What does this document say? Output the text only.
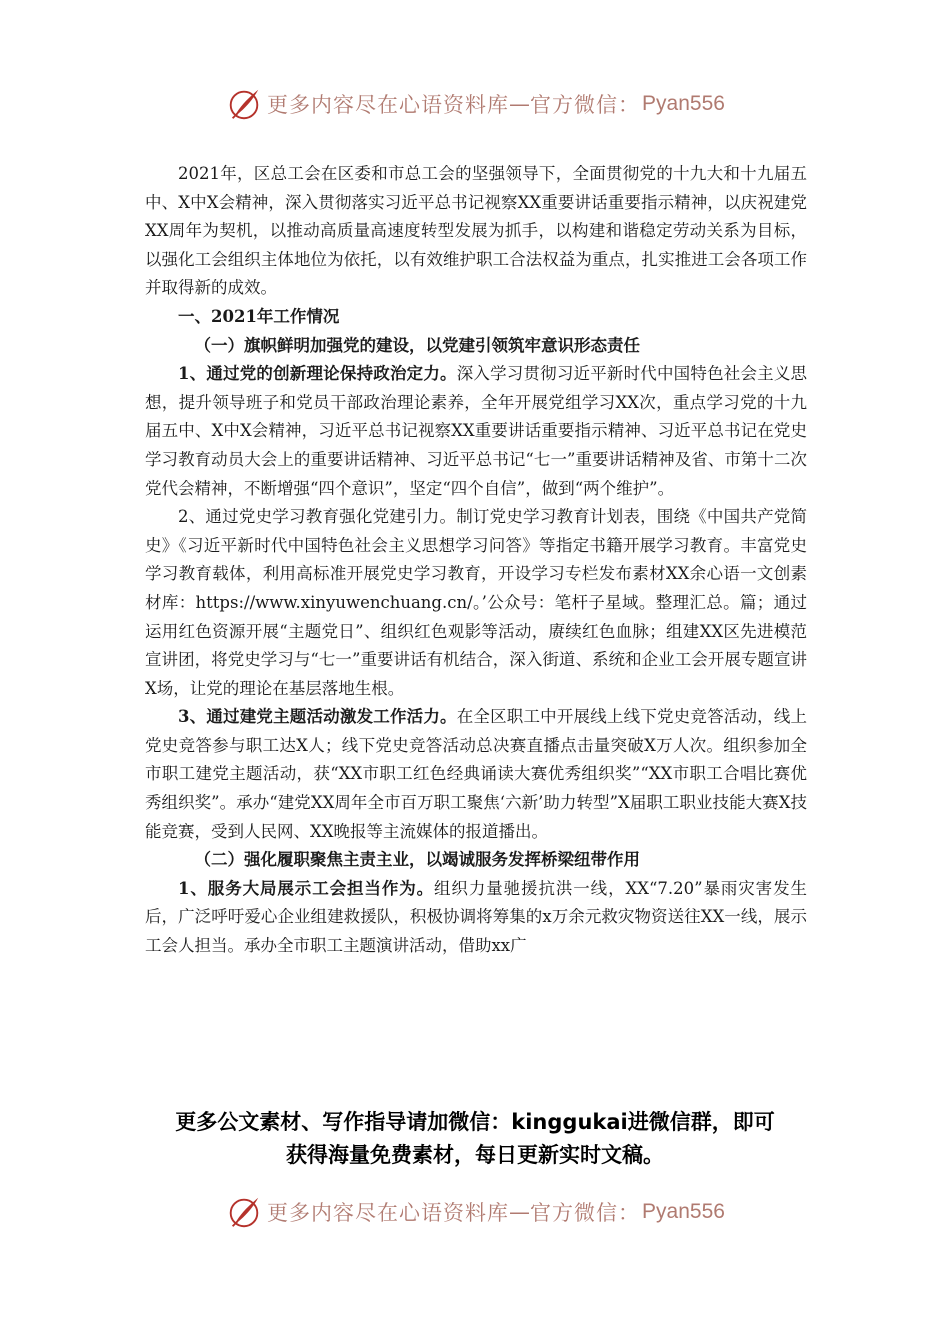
更多内容尽在心语资料库 — 官方微信： Pyan556

2021年，区总工会在区委和市总工会的坚强领导下，全面贯彻党的十九大和十九届五中、X中X会精神，深入贯彻落实习近平总书记视察XX重要讲话重要指示精神，以庆祝建党XX周年为契机，以推动高质量高速度转型发展为抓手，以构建和谐稳定劳动关系为目标，以强化工会组织主体地位为依托，以有效维护职工合法权益为重点，扎实推进工会各项工作并取得新的成效。

一、2021年工作情况

（一）旗帜鲜明加强党的建设，以党建引领筑牢意识形态责任

1、通过党的创新理论保持政治定力。深入学习贯彻习近平新时代中国特色社会主义思想，提升领导班子和党员干部政治理论素养，全年开展党组学习XX次，重点学习党的十九届五中、X中X会精神，习近平总书记视察XX重要讲话重要指示精神、习近平总书记在党史学习教育动员大会上的重要讲话精神、习近平总书记“七一”重要讲话精神及省、市第十二次党代会精神，不断增强“四个意识”，坚定“四个自信”，做到“两个维护”。

2、通过党史学习教育强化党建引力。制订党史学习教育计划表，围绕《中国共产党简史》《习近平新时代中国特色社会主义思想学习问答》等指定书籍开展学习教育。丰富党史学习教育载体，利用高标准开展党史学习教育，开设学习专栏发布素材XX余心语一文创素材库：https://www.xinyuwenchuang.cn/。’公众号：笔杆子星域。整理汇总。篇；通过运用红色资源开展“主题党日”、组织红色观影等活动，赓续红色血脉；组建XX区先进模范宣讲团，将党史学习与“七一”重要讲话有机结合，深入街道、系统和企业工会开展专题宣讲X场，让党的理论在基层落地生根。

3、通过建党主题活动激发工作活力。在全区职工中开展线上线下党史竞答活动，线上党史竞答参与职工达X人；线下党史竞答活动总决赛直播点击量突破X万人次。组织参加全市职工建党主题活动，获“XX市职工红色经典诵读大赛优秀组织奖”“XX市职工合唱比赛优秀组织奖”。承办“建党XX周年全市百万职工聚焦‘六新’助力转型”X届职工职业技能大赛X技能竞赛，受到人民网、XX晚报等主流媒体的报道播出。

（二）强化履职聚焦主责主业，以竭诚服务发挥桥梁纽带作用

1、服务大局展示工会担当作为。组织力量驰援抗洪一线，XX“7.20”暴雨灾害发生后，广泛呼吁爱心企业组建救援队，积极协调将筹集的x万余元救灾物资送往XX一线，展示工会人担当。承办全市职工主题演讲活动，借助xx广

更多公文素材、写作指导请加微信：kinggukai进微信群，即可
获得海量免费素材，每日更新实时文稿。
更多内容尽在心语资料库 — 官方微信： Pyan556
